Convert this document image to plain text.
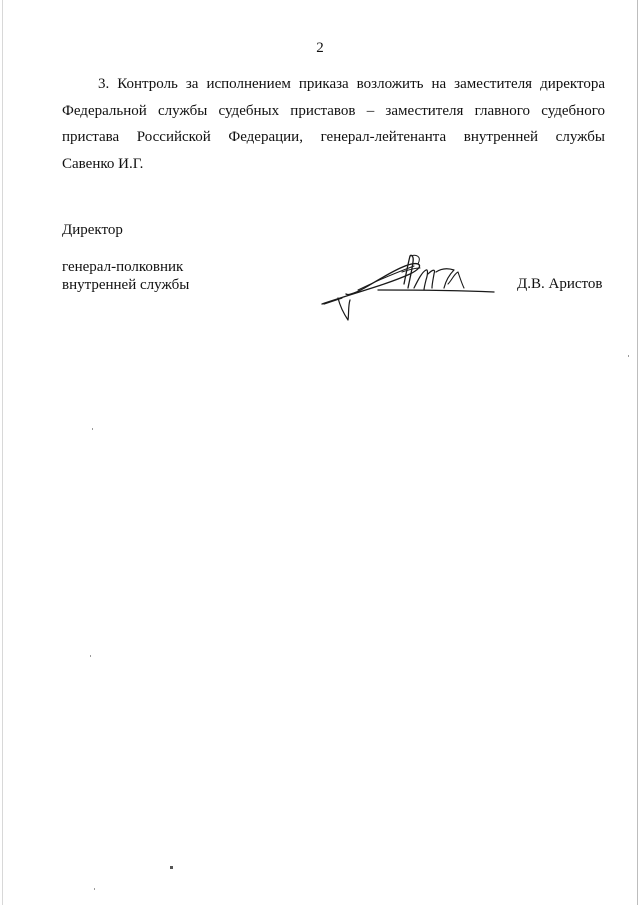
2
3. Контроль за исполнением приказа возложить на заместителя директора
Федеральной службы судебных приставов – заместителя главного судебного
пристава Российской Федерации, генерал-лейтенанта внутренней службы
Савенко И.Г.
Директор
генерал-полковник
внутренней службы	Д.В. Аристов
